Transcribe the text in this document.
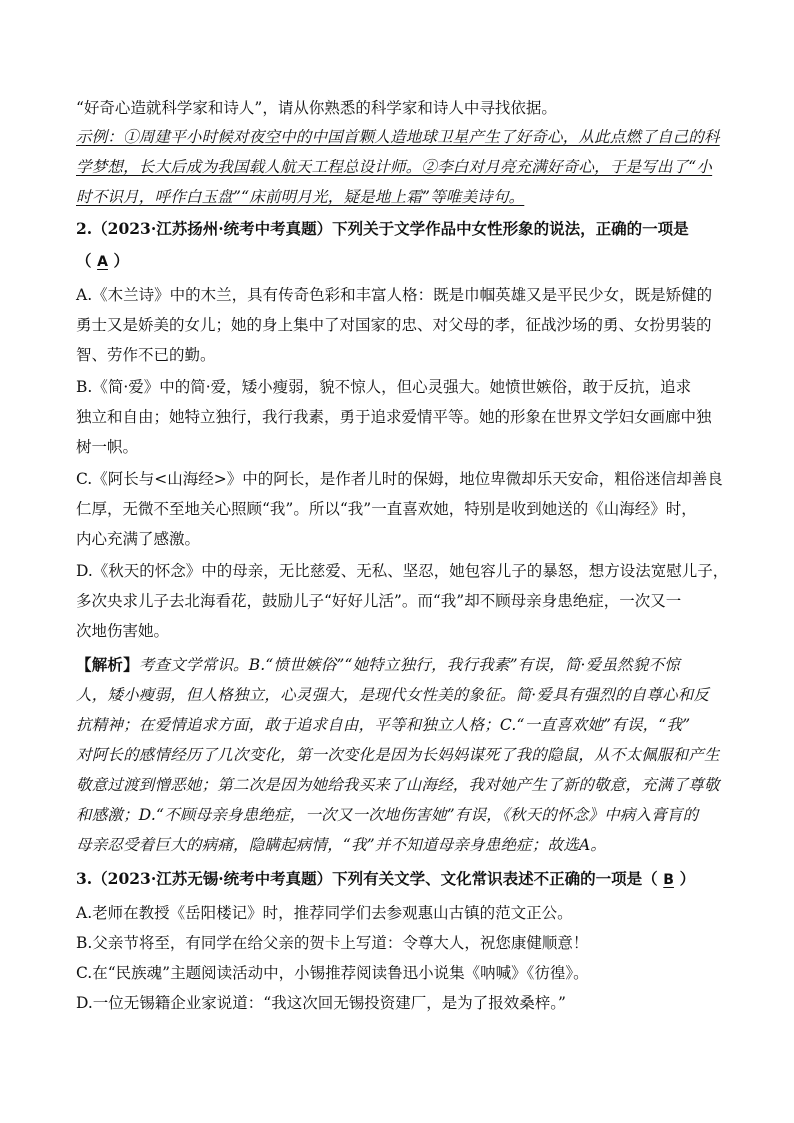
“好奇心造就科学家和诗人”，请从你熟悉的科学家和诗人中寻找依据。
示例：①周建平小时候对夜空中的中国首颗人造地球卫星产生了好奇心，从此点燃了自己的科
学梦想，长大后成为我国载人航天工程总设计师。②李白对月亮充满好奇心，于是写出了“小
时不识月，呼作白玉盘”“床前明月光，疑是地上霜”等唯美诗句。
2.（2023·江苏扬州·统考中考真题）下列关于文学作品中女性形象的说法，正确的一项是
（ A ）
A.《木兰诗》中的木兰，具有传奇色彩和丰富人格：既是巾帼英雄又是平民少女，既是矫健的
勇士又是娇美的女儿；她的身上集中了对国家的忠、对父母的孝，征战沙场的勇、女扮男装的
智、劳作不已的勤。
B.《简·爱》中的简·爱，矮小瘦弱，貌不惊人，但心灵强大。她愤世嫉俗，敢于反抗，追求
独立和自由；她特立独行，我行我素，勇于追求爱情平等。她的形象在世界文学妇女画廊中独
树一帜。
C.《阿长与<山海经>》中的阿长，是作者儿时的保姆，地位卑微却乐天安命，粗俗迷信却善良
仁厚，无微不至地关心照顾“我”。所以“我”一直喜欢她，特别是收到她送的《山海经》时，
内心充满了感激。
D.《秋天的怀念》中的母亲，无比慈爱、无私、坚忍，她包容儿子的暴怒，想方设法宽慰儿子，
多次央求儿子去北海看花，鼓励儿子“好好儿活”。而“我”却不顾母亲身患绝症，一次又一
次地伤害她。
【解析】考查文学常识。B.“愤世嫉俗”“她特立独行，我行我素”有误，简·爱虽然貌不惊
人，矮小瘦弱，但人格独立，心灵强大，是现代女性美的象征。简·爱具有强烈的自尊心和反
抗精神；在爱情追求方面，敢于追求自由，平等和独立人格；C.“一直喜欢她”有误，“我”
对阿长的感情经历了几次变化，第一次变化是因为长妈妈谋死了我的隐鼠，从不太佩服和产生
敬意过渡到憎恶她；第二次是因为她给我买来了山海经，我对她产生了新的敬意，充满了尊敬
和感激；D.“不顾母亲身患绝症，一次又一次地伤害她”有误，《秋天的怀念》中病入膏肓的
母亲忍受着巨大的病痛，隐瞒起病情，“我”并不知道母亲身患绝症；故选A。
3.（2023·江苏无锡·统考中考真题）下列有关文学、文化常识表述不正确的一项是（ B ）
A.老师在教授《岳阳楼记》时，推荐同学们去参观惠山古镇的范文正公。
B.父亲节将至，有同学在给父亲的贺卡上写道：令尊大人，祝您康健顺意！
C.在“民族魂”主题阅读活动中，小锡推荐阅读鲁迅小说集《呐喊》《彷徨》。
D.一位无锡籍企业家说道：“我这次回无锡投资建厂，是为了报效桑梓。”
